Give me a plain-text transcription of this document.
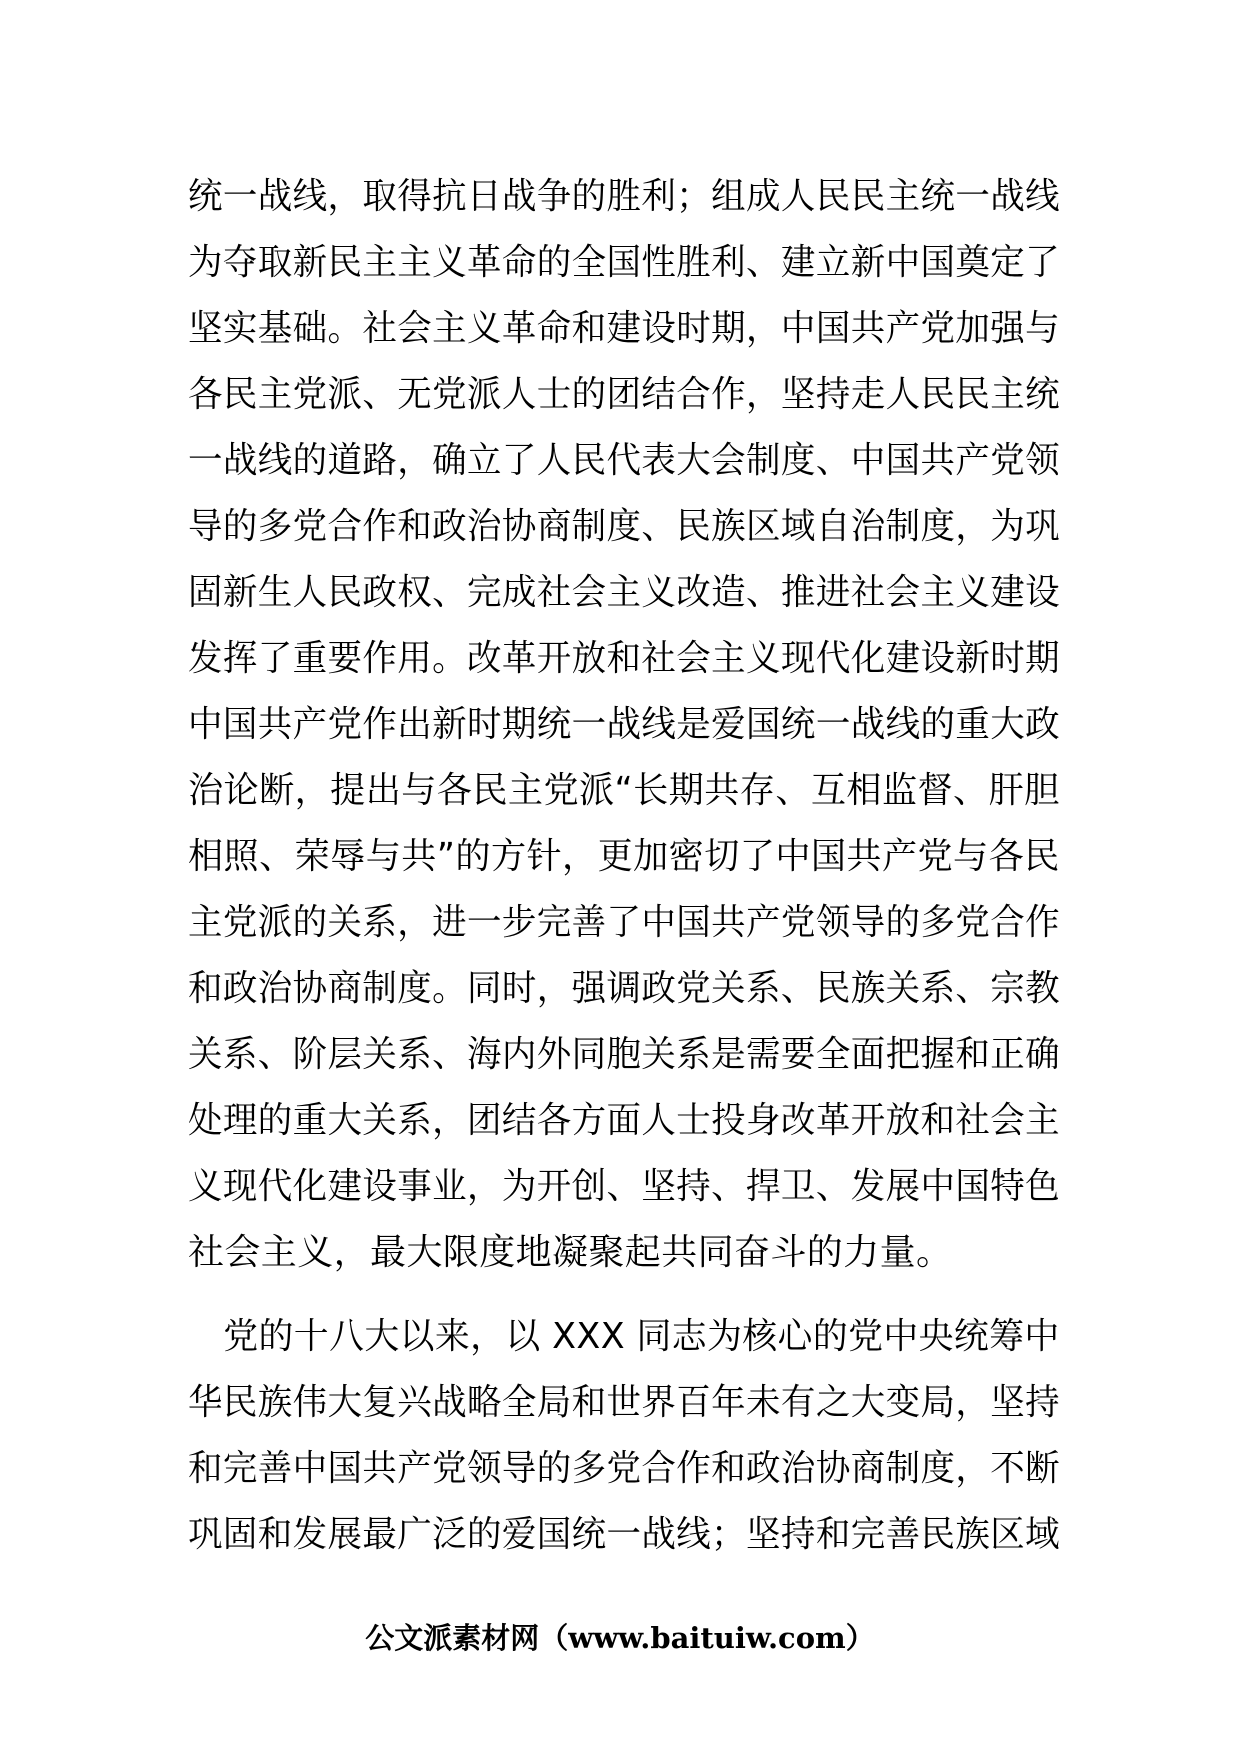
统一战线，取得抗日战争的胜利；组成人民民主统一战线
为夺取新民主主义革命的全国性胜利、建立新中国奠定了
坚实基础。社会主义革命和建设时期，中国共产党加强与
各民主党派、无党派人士的团结合作，坚持走人民民主统
一战线的道路，确立了人民代表大会制度、中国共产党领
导的多党合作和政治协商制度、民族区域自治制度，为巩
固新生人民政权、完成社会主义改造、推进社会主义建设
发挥了重要作用。改革开放和社会主义现代化建设新时期
中国共产党作出新时期统一战线是爱国统一战线的重大政
治论断，提出与各民主党派“长期共存、互相监督、肝胆
相照、荣辱与共”的方针，更加密切了中国共产党与各民
主党派的关系，进一步完善了中国共产党领导的多党合作
和政治协商制度。同时，强调政党关系、民族关系、宗教
关系、阶层关系、海内外同胞关系是需要全面把握和正确
处理的重大关系，团结各方面人士投身改革开放和社会主
义现代化建设事业，为开创、坚持、捍卫、发展中国特色
社会主义，最大限度地凝聚起共同奋斗的力量。
　党的十八大以来，以 XXX 同志为核心的党中央统筹中
华民族伟大复兴战略全局和世界百年未有之大变局，坚持
和完善中国共产党领导的多党合作和政治协商制度，不断
巩固和发展最广泛的爱国统一战线；坚持和完善民族区域
公文派素材网（www.baituiw.com）
